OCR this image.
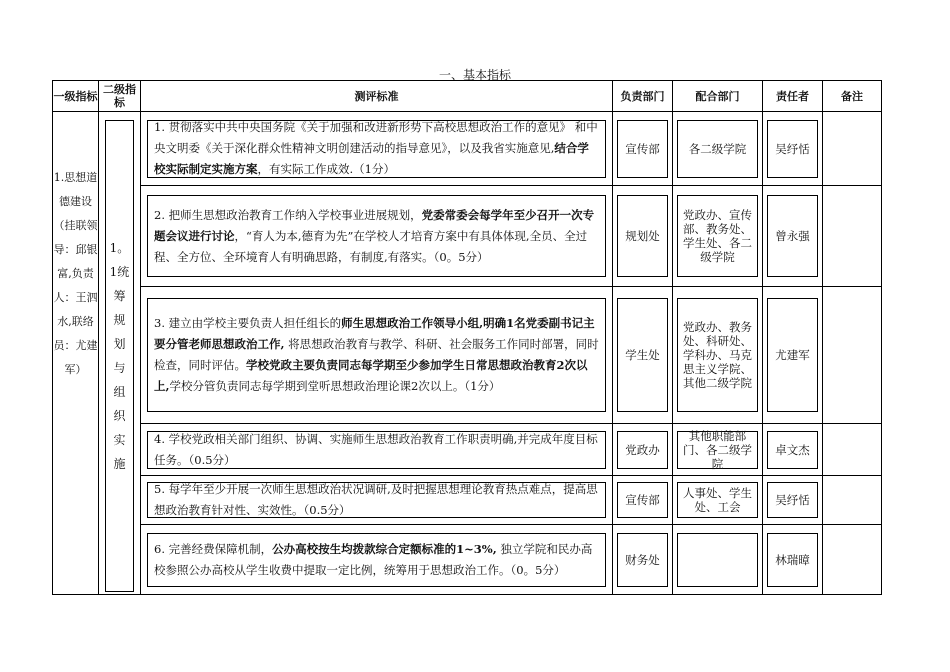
一、基本指标
一级指标	二级指标	测评标准	负责部门	配合部门	责任者	备注

1.思想道德建设（挂联领导：邱银富,负责人：王泗水,联络员：尤建军）	1。1统筹规划与组织实施	1. 贯彻落实中共中央国务院《关于加强和改进新形势下高校思想政治工作的意见》 和中央文明委《关于深化群众性精神文明创建活动的指导意见》，以及我省实施意见,结合学校实际制定实施方案，有实际工作成效.（1分）	宣传部	各二级学院	吴纾恬	

		2. 把师生思想政治教育工作纳入学校事业进展规划，党委常委会每学年至少召开一次专题会议进行讨论，“育人为本,德育为先”在学校人才培育方案中有具体体现,全员、全过程、全方位、全环境育人有明确思路，有制度,有落实。（0。5分）	规划处	党政办、宣传部、教务处、学生处、各二级学院	曾永强	

		3. 建立由学校主要负责人担任组长的师生思想政治工作领导小组,明确1名党委副书记主要分管老师思想政治工作, 将思想政治教育与教学、科研、社会服务工作同时部署，同时检查，同时评估。学校党政主要负责同志每学期至少参加学生日常思想政治教育2次以上,学校分管负责同志每学期到堂听思想政治理论课2次以上。（1分）	学生处	党政办、教务处、科研处、学科办、马克思主义学院、其他二级学院	尤建军	

		4. 学校党政相关部门组织、协调、实施师生思想政治教育工作职责明确,并完成年度目标任务。（0.5分）	党政办	其他职能部门、各二级学院	卓文杰	

		5. 每学年至少开展一次师生思想政治状况调研,及时把握思想理论教育热点难点，提高思想政治教育针对性、实效性。（0.5分）	宣传部	人事处、学生处、工会	吴纾恬	

		6. 完善经费保障机制，公办高校按生均拨款综合定额标准的1~3%, 独立学院和民办高校参照公办高校从学生收费中提取一定比例，统筹用于思想政治工作。（0。5分）	财务处		林瑞暲	
